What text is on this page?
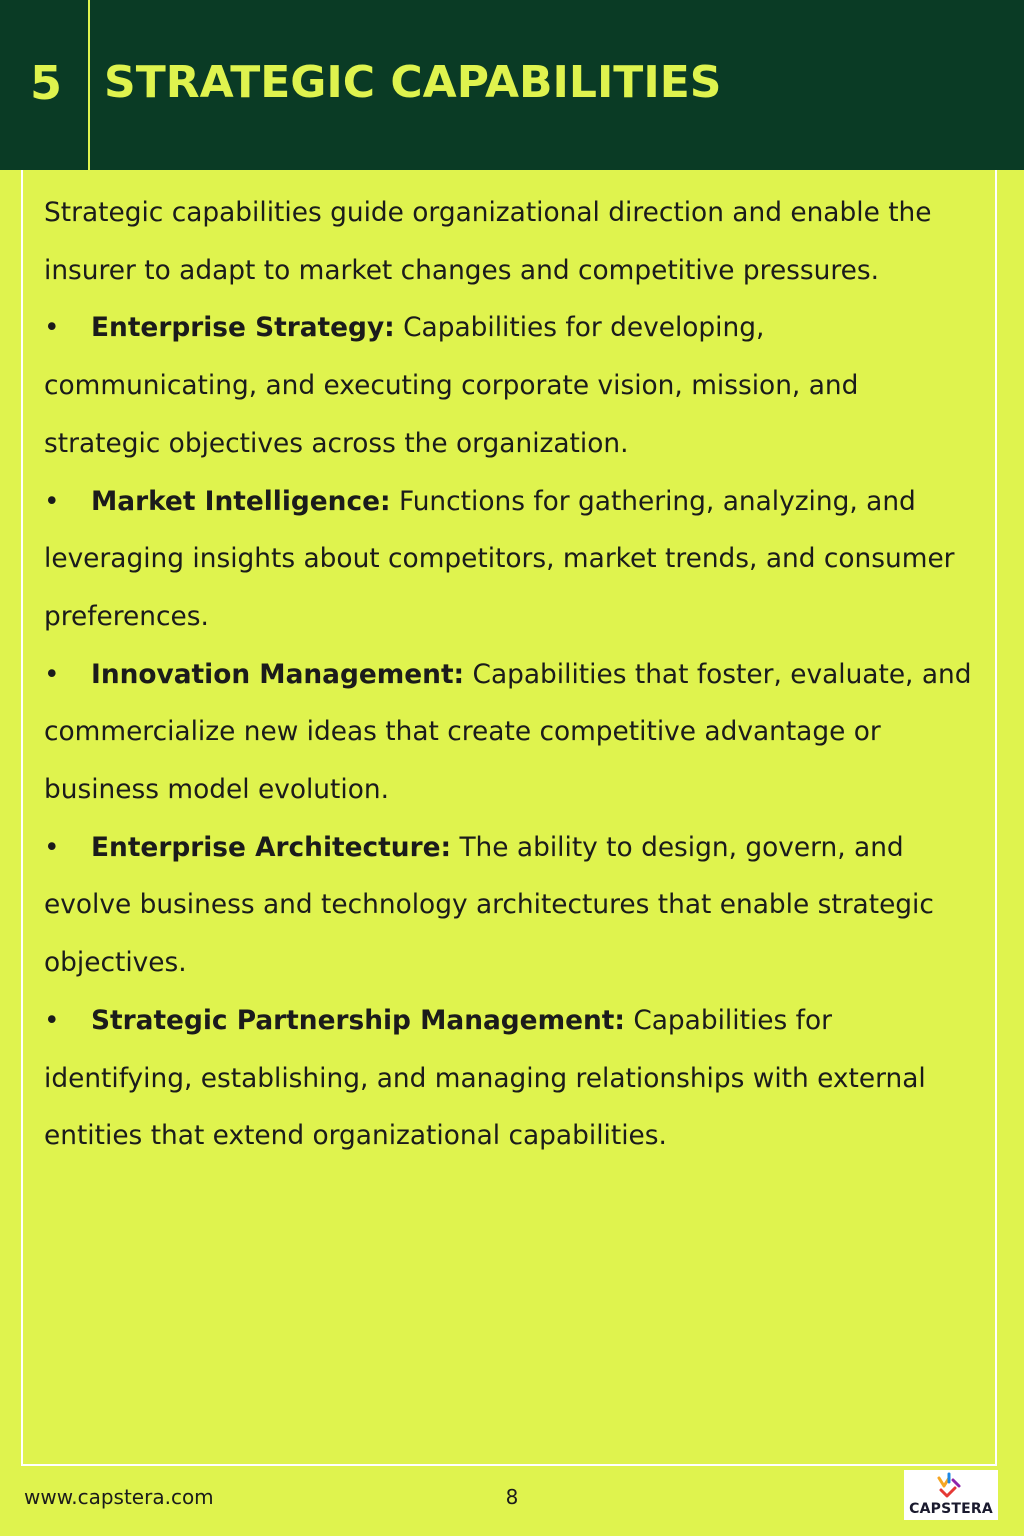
5 STRATEGIC CAPABILITIES

Strategic capabilities guide organizational direction and enable the insurer to adapt to market changes and competitive pressures.

• Enterprise Strategy: Capabilities for developing, communicating, and executing corporate vision, mission, and strategic objectives across the organization.

• Market Intelligence: Functions for gathering, analyzing, and leveraging insights about competitors, market trends, and consumer preferences.

• Innovation Management: Capabilities that foster, evaluate, and commercialize new ideas that create competitive advantage or business model evolution.

• Enterprise Architecture: The ability to design, govern, and evolve business and technology architectures that enable strategic objectives.

• Strategic Partnership Management: Capabilities for identifying, establishing, and managing relationships with external entities that extend organizational capabilities.

www.capstera.com	8	CAPSTERA
